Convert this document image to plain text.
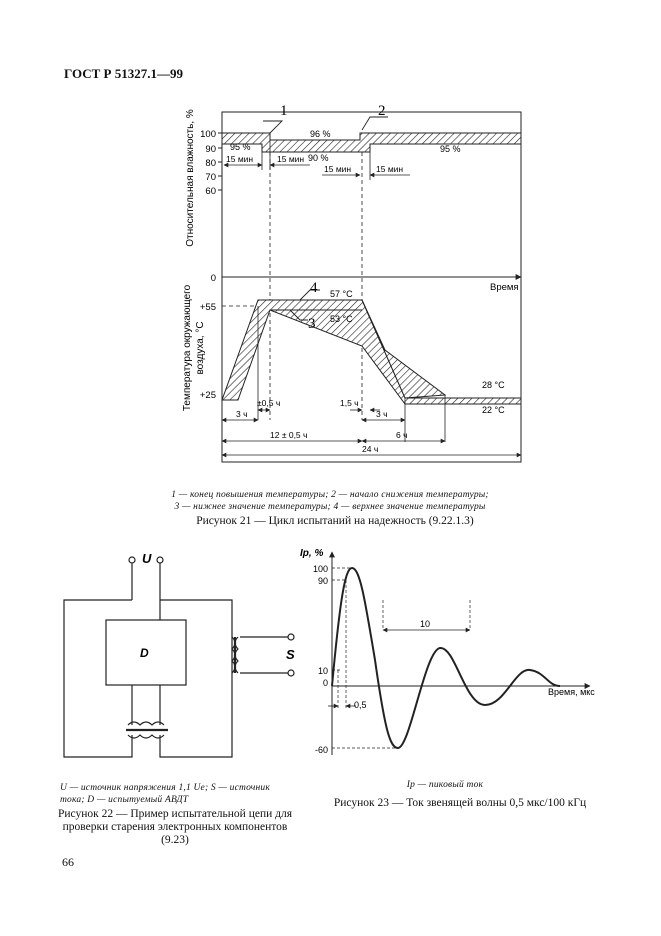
ГОСТ Р 51327.1—99
Относительная влажность, %
Температура окружающего воздуха, °С
100
90
80
70
60
0
+55
+25
Время
95 %
96 %
90 %
95 %
15 мин	15 мин
15 мин	15 мин
1	2
57 °С
53 °С
28 °С
22 °С
4
3
±0,5 ч
3 ч
1,5 ч
3 ч
12 ± 0,5 ч	6 ч
24 ч
1 — конец повышения температуры; 2 — начало снижения температуры;
3 — нижнее значение температуры; 4 — верхнее значение температуры
Рисунок 21 — Цикл испытаний на надежность (9.22.1.3)
U
S
D
U — источник напряжения 1,1 Ue; S — источник
тока; D — испытуемый АВДТ
Рисунок 22 — Пример испытательной цепи для
проверки старения электронных компонентов
(9.23)
Ip, %
Время, мкс
100
90
10
0
-60
10
0,5
Ip — пиковый ток
Рисунок 23 — Ток звенящей волны 0,5 мкс/100 кГц
66
